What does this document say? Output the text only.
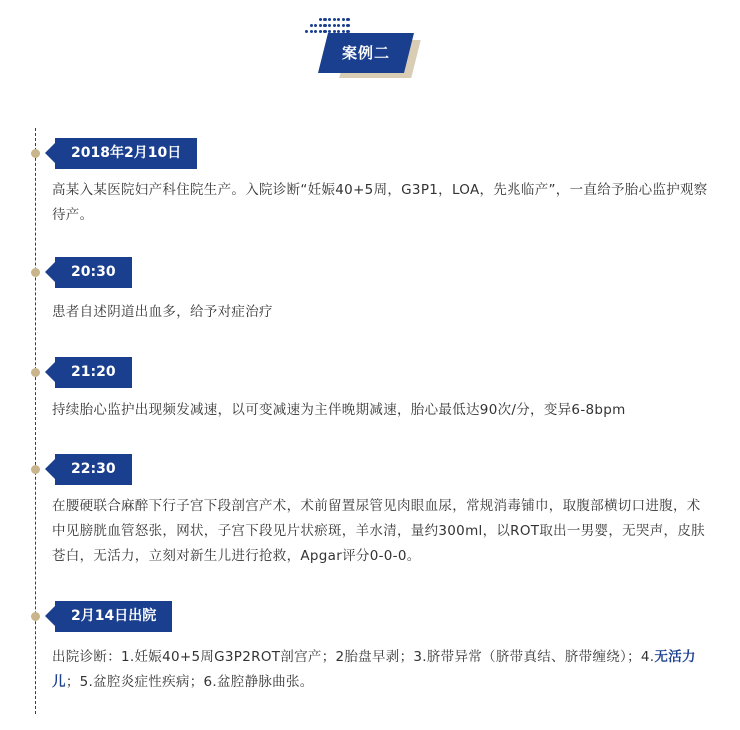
案例二
2018年2月10日
高某入某医院妇产科住院生产。入院诊断“妊娠40+5周，G3P1，LOA，先兆临产”，一直给予胎心监护观察待产。
20:30
患者自述阴道出血多，给予对症治疗
21:20
持续胎心监护出现频发减速，以可变减速为主伴晚期减速，胎心最低达90次/分，变异6-8bpm
22:30
在腰硬联合麻醉下行子宫下段剖宫产术，术前留置尿管见肉眼血尿，常规消毒铺巾，取腹部横切口进腹，术中见膀胱血管怒张，网状，子宫下段见片状瘀斑，羊水清，量约300ml，以ROT取出一男婴，无哭声，皮肤苍白，无活力，立刻对新生儿进行抢救，Apgar评分0-0-0。
2月14日出院
出院诊断：1.妊娠40+5周G3P2ROT剖宫产；2胎盘早剥；3.脐带异常（脐带真结、脐带缠绕）；4.无活力儿；5.盆腔炎症性疾病；6.盆腔静脉曲张。
